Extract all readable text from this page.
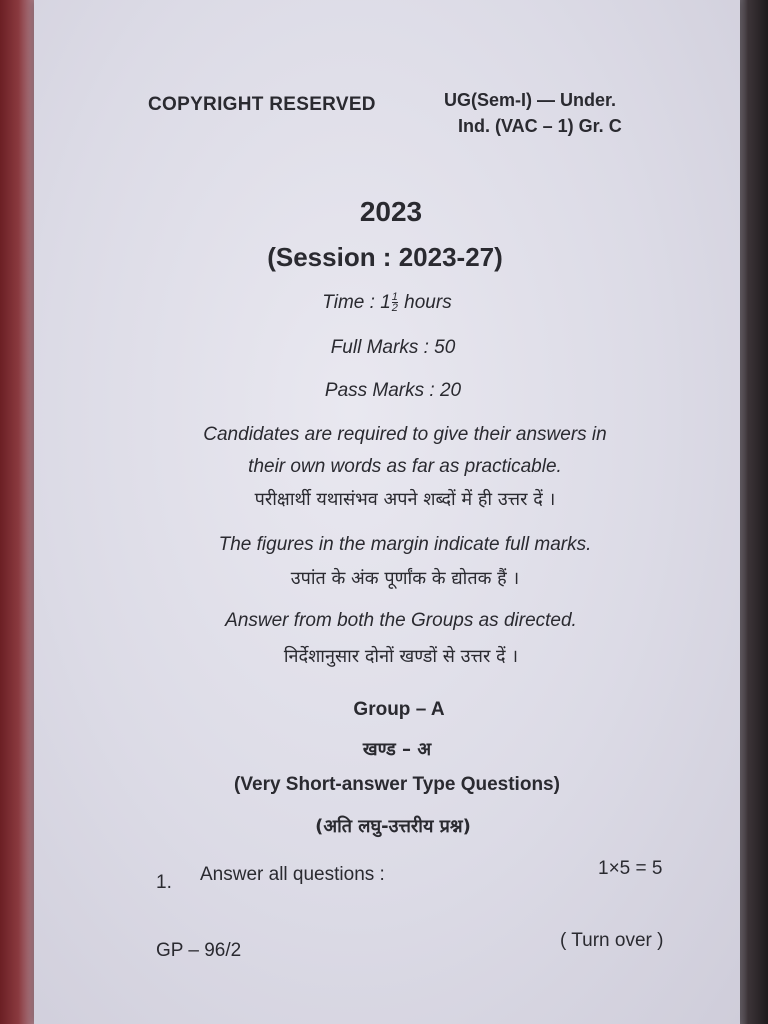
COPYRIGHT RESERVED	UG(Sem-I) — Under.
Ind. (VAC – 1) Gr. C
2023
(Session : 2023-27)
Time : $1 \frac{1}{2}$ hours
Full Marks : 50
Pass Marks : 20
Candidates are required to give their answers in
their own words as far as practicable.
परीक्षार्थी यथासंभव अपने शब्दों में ही उत्तर दें ।
The figures in the margin indicate full marks.
उपांत के अंक पूर्णांक के द्योतक हैं ।
Answer from both the Groups as directed.
निर्देशानुसार दोनों खण्डों से उत्तर दें ।
Group – A
खण्ड – अ
(Very Short-answer Type Questions)
(अति लघु-उत्तरीय प्रश्न)
1. Answer all questions :	1×5 = 5
GP – 96/2	( Turn over )
